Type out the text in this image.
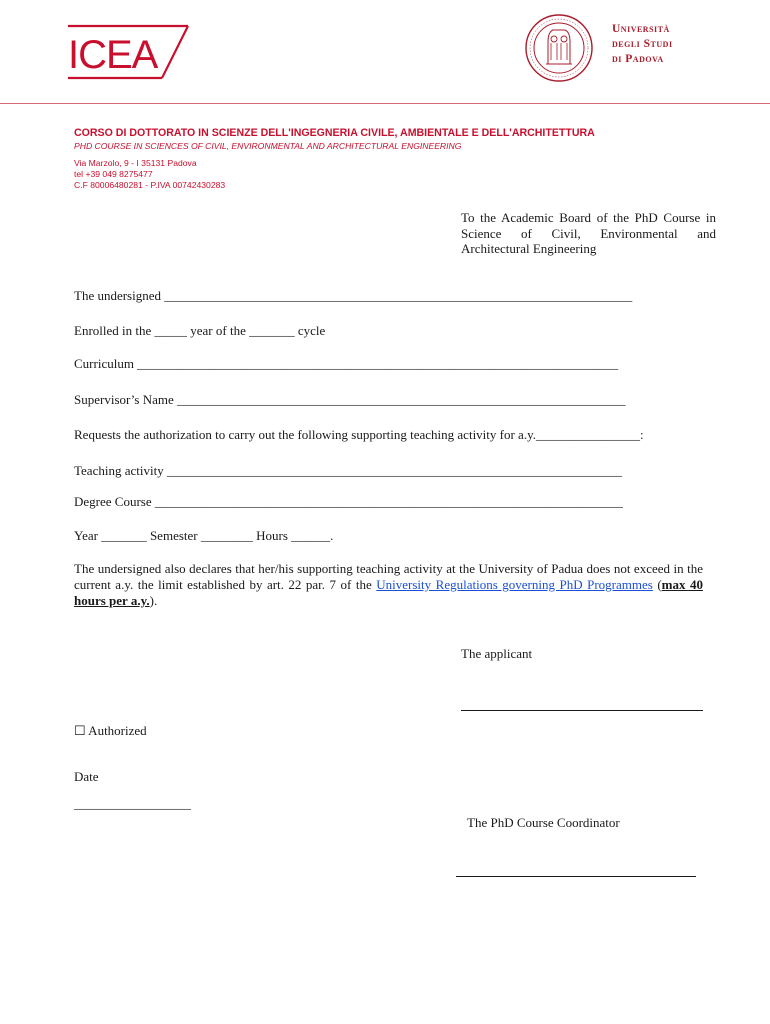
ICEA
Università
degli Studi
di Padova
CORSO DI DOTTORATO IN SCIENZE DELL'INGEGNERIA CIVILE, AMBIENTALE E DELL'ARCHITETTURA
PHD COURSE IN SCIENCES OF CIVIL, ENVIRONMENTAL AND ARCHITECTURAL ENGINEERING
Via Marzolo, 9 - I 35131 Padova
tel +39 049 8275477
C.F 80006480281 - P.IVA 00742430283
To the Academic Board of the PhD Course in Science of Civil, Environmental and Architectural Engineering
The undersigned ________________________________________________________________________
Enrolled in the _____ year of the _______ cycle
Curriculum __________________________________________________________________________
Supervisor’s Name _____________________________________________________________________
Requests the authorization to carry out the following supporting teaching activity for a.y.________________:
Teaching activity ______________________________________________________________________
Degree Course ________________________________________________________________________
Year _______ Semester ________ Hours ______.
The undersigned also declares that her/his supporting teaching activity at the University of Padua does not exceed in the current a.y. the limit established by art. 22 par. 7 of the University Regulations governing PhD Programmes (max 40 hours per a.y.).
The applicant
☐ Authorized
Date
__________________
The PhD Course Coordinator
